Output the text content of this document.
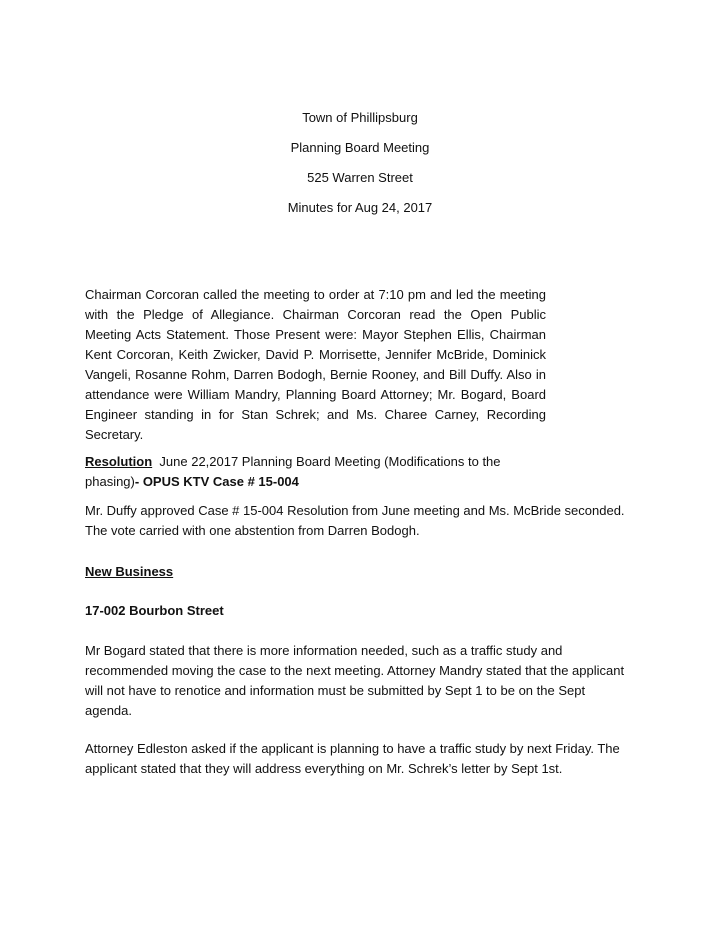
Town of Phillipsburg
Planning Board Meeting
525 Warren Street
Minutes for Aug 24, 2017

Chairman Corcoran called the meeting to order at 7:10 pm and led the meeting with the Pledge of Allegiance. Chairman Corcoran read the Open Public Meeting Acts Statement. Those Present were: Mayor Stephen Ellis, Chairman Kent Corcoran, Keith Zwicker, David P. Morrisette, Jennifer McBride, Dominick Vangeli, Rosanne Rohm, Darren Bodogh, Bernie Rooney, and Bill Duffy. Also in attendance were William Mandry, Planning Board Attorney; Mr. Bogard, Board Engineer standing in for Stan Schrek; and Ms. Charee Carney, Recording Secretary.

Resolution June 22,2017 Planning Board Meeting (Modifications to the
phasing)- OPUS KTV Case # 15-004

Mr. Duffy approved Case # 15-004 Resolution from June meeting and Ms. McBride seconded. The vote carried with one abstention from Darren Bodogh.

New Business
17-002 Bourbon Street

Mr Bogard stated that there is more information needed, such as a traffic study and recommended moving the case to the next meeting. Attorney Mandry stated that the applicant will not have to renotice and information must be submitted by Sept 1 to be on the Sept agenda.

Attorney Edleston asked if the applicant is planning to have a traffic study by next Friday. The applicant stated that they will address everything on Mr. Schrek’s letter by Sept 1st.
